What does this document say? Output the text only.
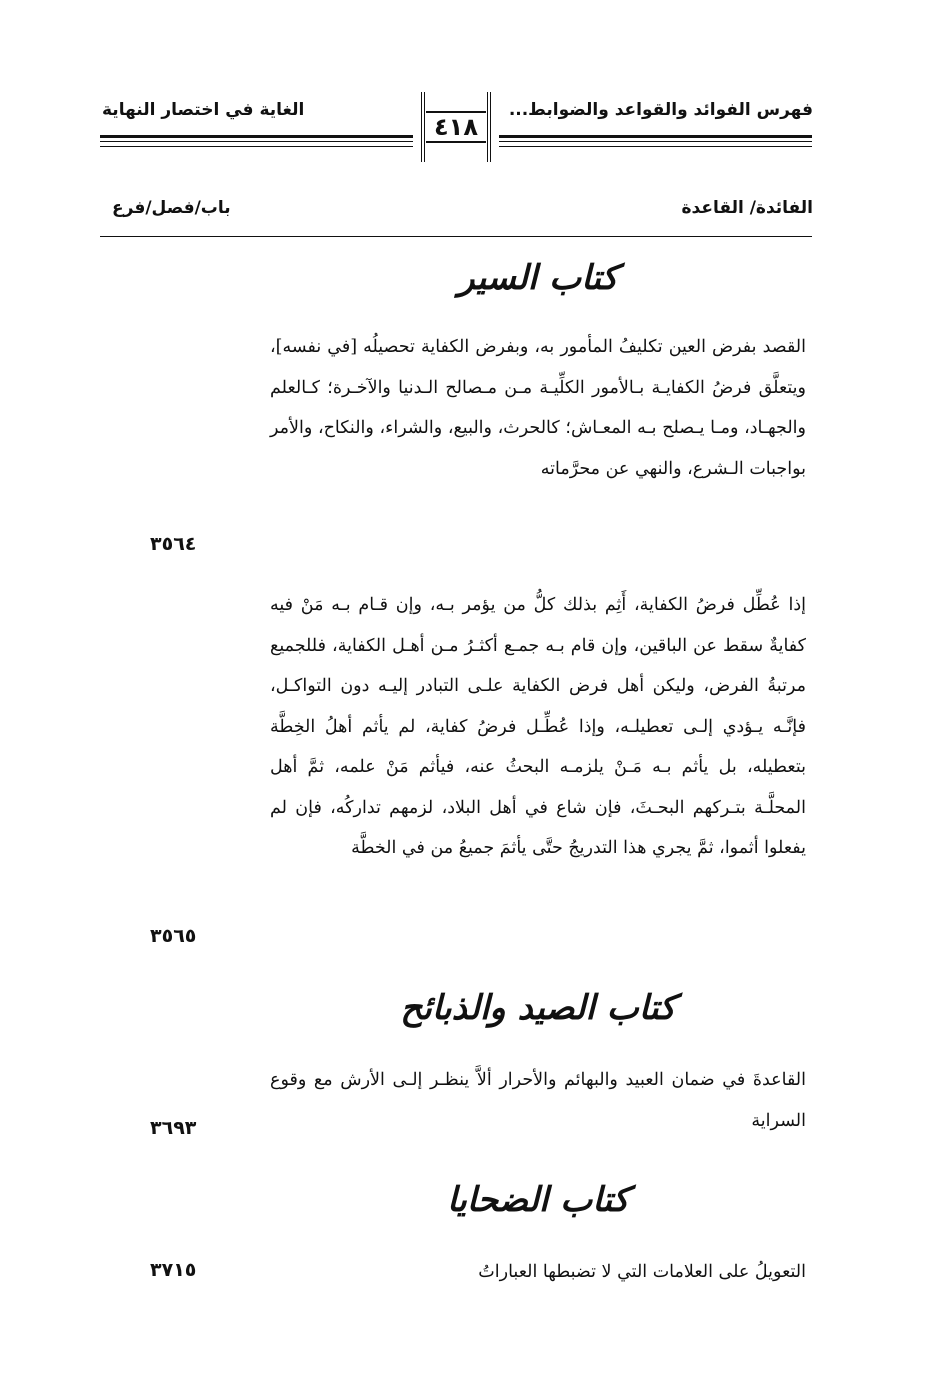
فهرس الفوائد والقواعد والضوابط...
الغاية في اختصار النهاية
٤١٨
الفائدة/ القاعدة
باب/فصل/فرع
كتاب السير
القصد بفرض العين تكليفُ المأمور به، وبفرض الكفاية تحصيلُه [في نفسه]، ويتعلَّق فرضُ الكفايـة بـالأمور الكلِّيـة مـن مـصالح الـدنيا والآخـرة؛ كـالعلم والجهـاد، ومـا يـصلح بـه المعـاش؛ كالحرث، والبيع، والشراء، والنكاح، والأمر بواجبات الـشرع، والنهي عن محرَّماته
٣٥٦٤
إذا عُطِّل فرضُ الكفاية، أَثِم بذلك كلُّ من يؤمر بـه، وإن قـام بـه مَنْ فيه كفايةٌ سقط عن الباقين، وإن قام بـه جمـع أكثـرُ مـن أهـل الكفاية، فللجميع مرتبةُ الفرض، وليكن أهل فرض الكفاية علـى التبادر إليـه دون التواكـل، فإنَّـه يـؤدي إلـى تعطيلـه، وإذا عُطِّـل فرضُ كفاية، لم يأثم أهلُ الخِطَّة بتعطيله، بل يأثم بـه مَـنْ يلزمـه البحثُ عنه، فيأثم مَنْ علمه، ثمَّ أهل المحلَّـة بتـركهم البحـثَ، فإن شاع في أهل البلاد، لزمهم تداركُه، فإن لم يفعلوا أثموا، ثمَّ يجري هذا التدريجُ حتَّى يأثمَ جميعُ من في الخطَّة
٣٥٦٥
كتاب الصيد والذبائح
القاعدةَ في ضمان العبيد والبهائم والأحرار ألاَّ ينظـر إلـى الأرش مع وقوع السراية
٣٦٩٣
كتاب الضحايا
التعويلُ على العلامات التي لا تضبطها العباراتُ
٣٧١٥
